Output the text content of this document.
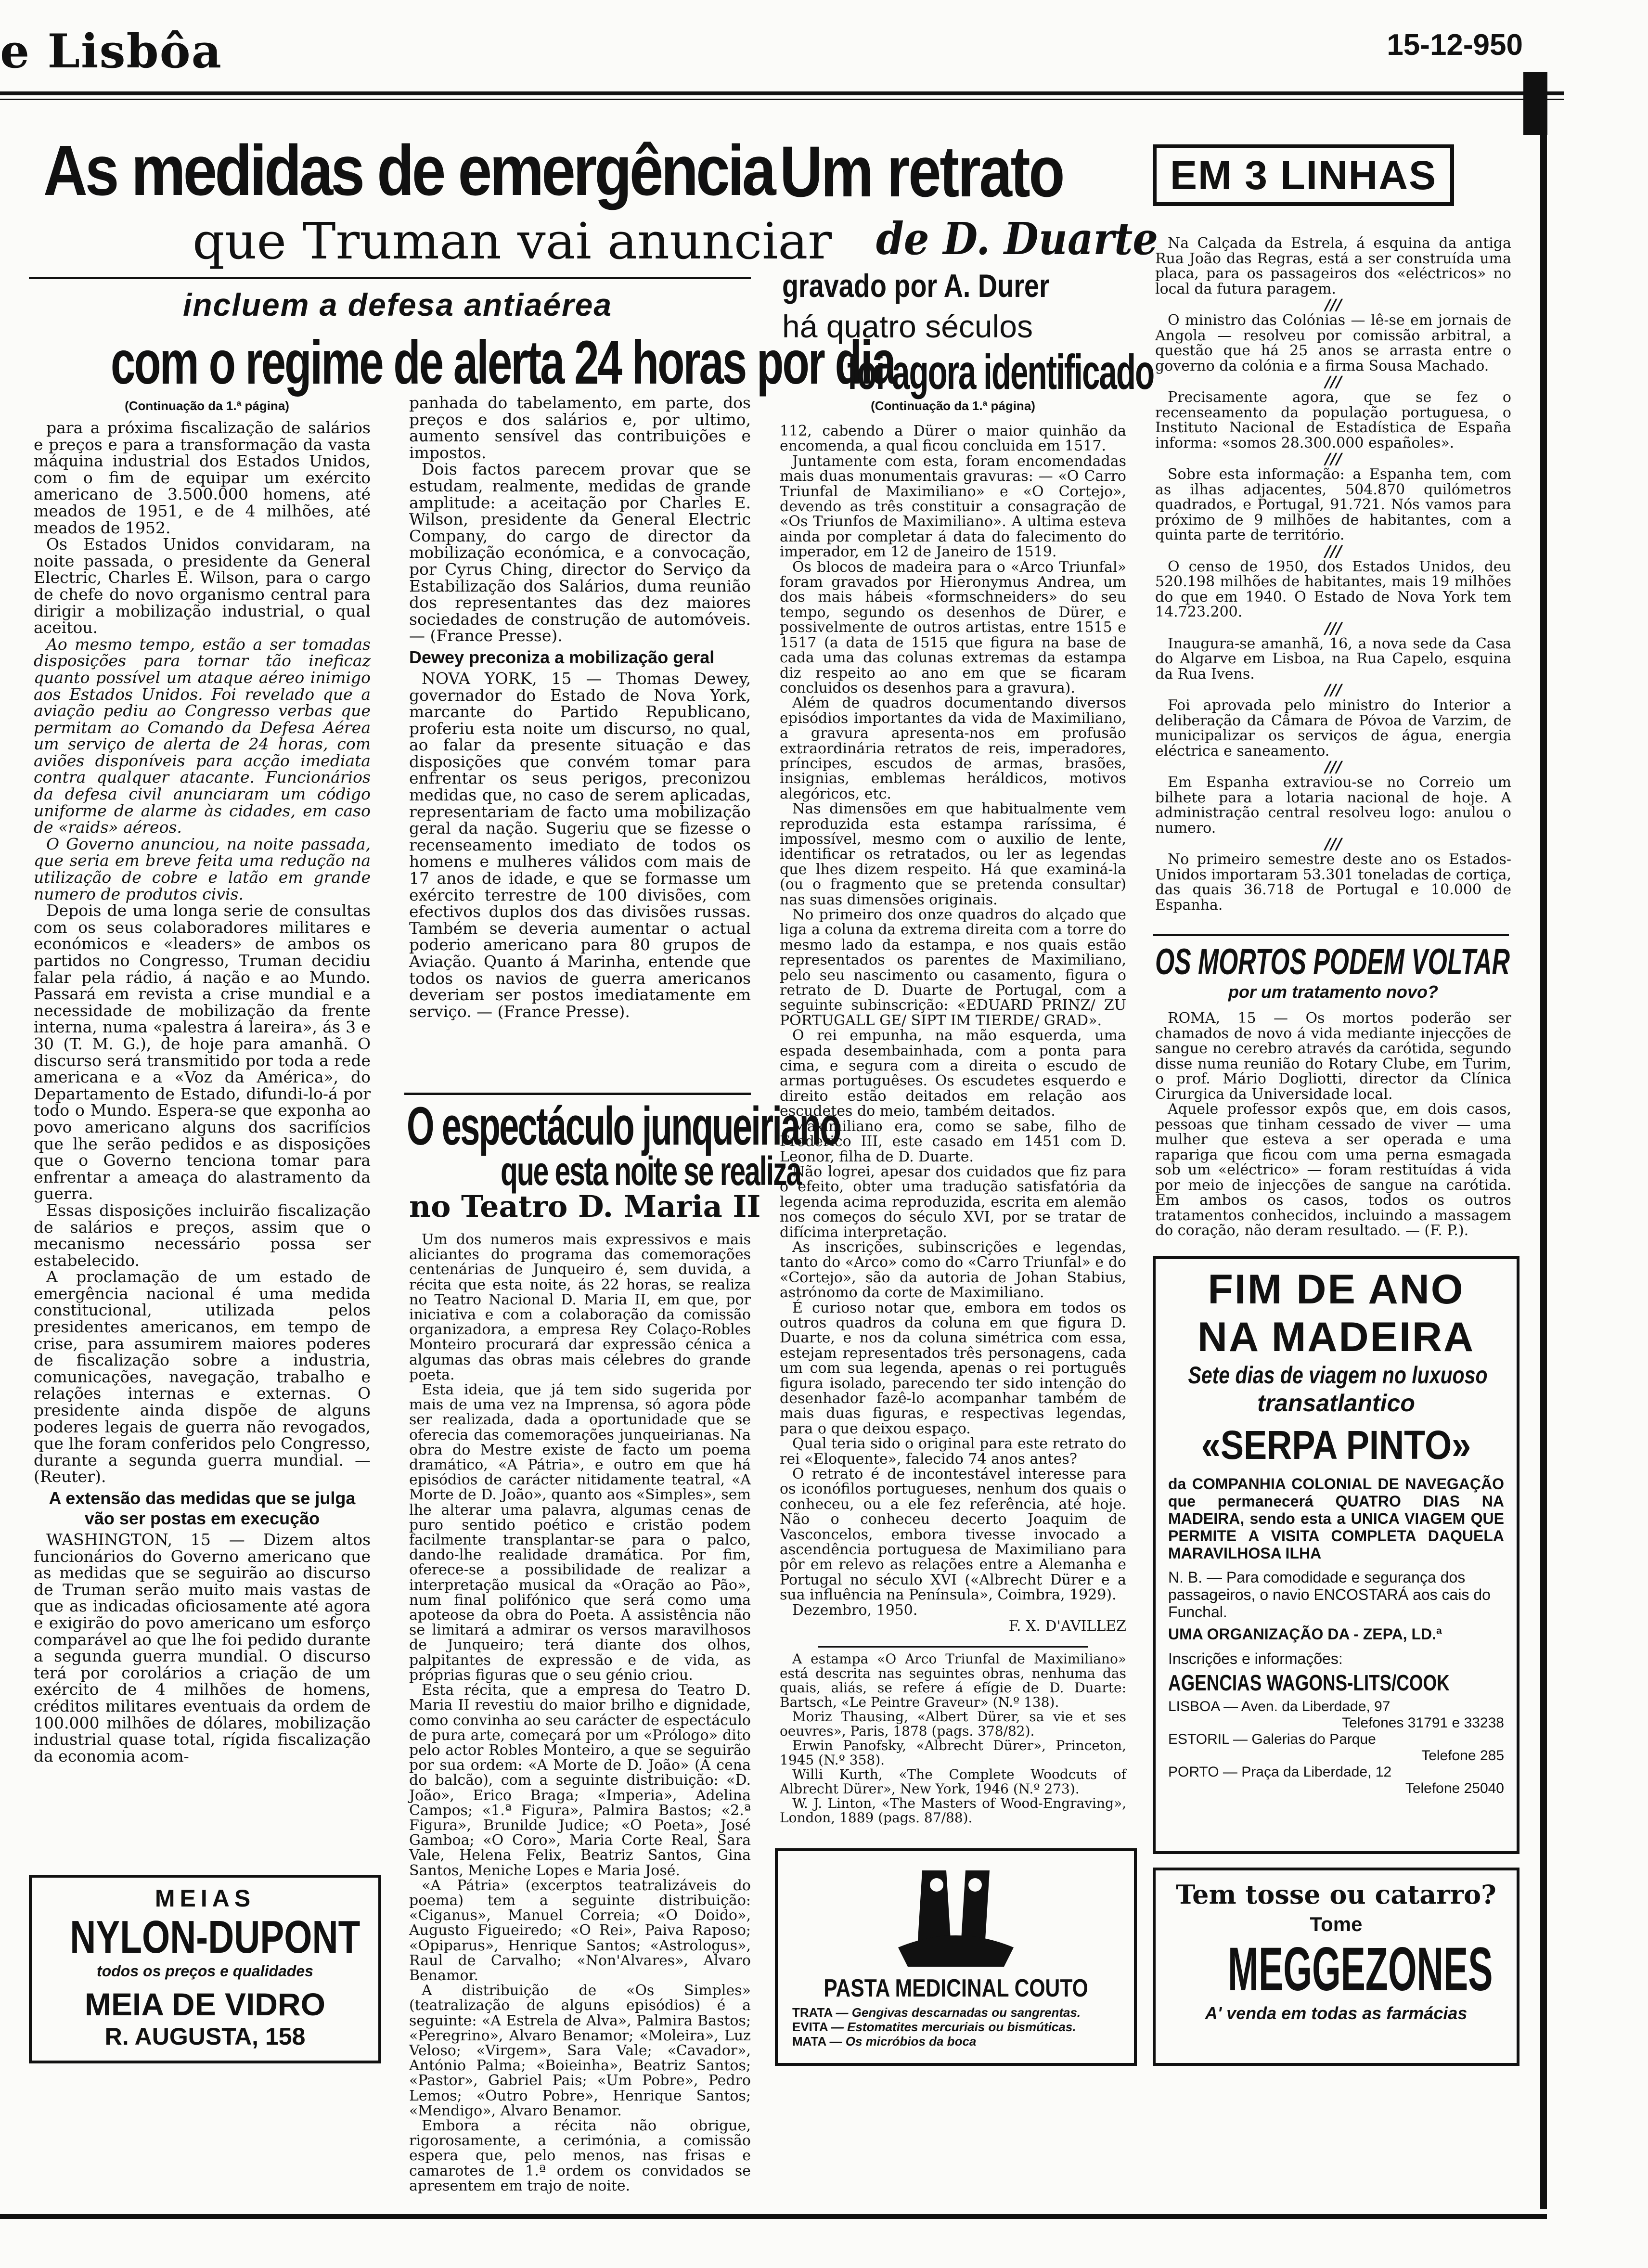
e Lisbôa	15-12-950
As medidas de emergência
que Truman vai anunciar
incluem a defesa antiaérea
com o regime de alerta 24 horas por dia
(Continuação da 1.ª página)

para a próxima fiscalização de salários e preços e para a transformação da vasta máquina industrial dos Estados Unidos, com o fim de equipar um exército americano de 3.500.000 homens, até meados de 1951, e de 4 milhões, até meados de 1952.

Os Estados Unidos convidaram, na noite passada, o presidente da General Electric, Charles E. Wilson, para o cargo de chefe do novo organismo central para dirigir a mobilização industrial, o qual aceitou.

Ao mesmo tempo, estão a ser tomadas disposições para tornar tão ineficaz quanto possível um ataque aéreo inimigo aos Estados Unidos. Foi revelado que a aviação pediu ao Congresso verbas que permitam ao Comando da Defesa Aérea um serviço de alerta de 24 horas, com aviões disponíveis para acção imediata contra qualquer atacante. Funcionários da defesa civil anunciaram um código uniforme de alarme às cidades, em caso de «raids» aéreos.

O Governo anunciou, na noite passada, que seria em breve feita uma redução na utilização de cobre e latão em grande numero de produtos civis.

Depois de uma longa serie de consultas com os seus colaboradores militares e económicos e «leaders» de ambos os partidos no Congresso, Truman decidiu falar pela rádio, á nação e ao Mundo. Passará em revista a crise mundial e a necessidade de mobilização da frente interna, numa «palestra á lareira», ás 3 e 30 (T. M. G.), de hoje para amanhã. O discurso será transmitido por toda a rede americana e a «Voz da América», do Departamento de Estado, difundi-lo-á por todo o Mundo. Espera-se que exponha ao povo americano alguns dos sacrifícios que lhe serão pedidos e as disposições que o Governo tenciona tomar para enfrentar a ameaça do alastramento da guerra.

Essas disposições incluirão fiscalização de salários e preços, assim que o mecanismo necessário possa ser estabelecido.

A proclamação de um estado de emergência nacional é uma medida constitucional, utilizada pelos presidentes americanos, em tempo de crise, para assumirem maiores poderes de fiscalização sobre a industria, comunicações, navegação, trabalho e relações internas e externas. O presidente ainda dispõe de alguns poderes legais de guerra não revogados, que lhe foram conferidos pelo Congresso, durante a segunda guerra mundial. — (Reuter).

A extensão das medidas que se julga vão ser postas em execução

WASHINGTON, 15 — Dizem altos funcionários do Governo americano que as medidas que se seguirão ao discurso de Truman serão muito mais vastas de que as indicadas oficiosamente até agora e exigirão do povo americano um esforço comparável ao que lhe foi pedido durante a segunda guerra mundial. O discurso terá por corolários a criação de um exército de 4 milhões de homens, créditos militares eventuais da ordem de 100.000 milhões de dólares, mobilização industrial quase total, rígida fiscalização da economia acom-

panhada do tabelamento, em parte, dos preços e dos salários e, por ultimo, aumento sensível das contribuições e impostos.

Dois factos parecem provar que se estudam, realmente, medidas de grande amplitude: a aceitação por Charles E. Wilson, presidente da General Electric Company, do cargo de director da mobilização económica, e a convocação, por Cyrus Ching, director do Serviço da Estabilização dos Salários, duma reunião dos representantes das dez maiores sociedades de construção de automóveis. — (France Presse).

Dewey preconiza a mobilização geral

NOVA YORK, 15 — Thomas Dewey, governador do Estado de Nova York, marcante do Partido Republicano, proferiu esta noite um discurso, no qual, ao falar da presente situação e das disposições que convém tomar para enfrentar os seus perigos, preconizou medidas que, no caso de serem aplicadas, representariam de facto uma mobilização geral da nação. Sugeriu que se fizesse o recenseamento imediato de todos os homens e mulheres válidos com mais de 17 anos de idade, e que se formasse um exército terrestre de 100 divisões, com efectivos duplos dos das divisões russas. Também se deveria aumentar o actual poderio americano para 80 grupos de Aviação. Quanto á Marinha, entende que todos os navios de guerra americanos deveriam ser postos imediatamente em serviço. — (France Presse).

MEIAS
NYLON-DUPONT
todos os preços e qualidades
MEIA DE VIDRO
R. AUGUSTA, 158
O espectáculo junqueiriano
que esta noite se realiza
no Teatro D. Maria II

Um dos numeros mais expressivos e mais aliciantes do programa das comemorações centenárias de Junqueiro é, sem duvida, a récita que esta noite, ás 22 horas, se realiza no Teatro Nacional D. Maria II, em que, por iniciativa e com a colaboração da comissão organizadora, a empresa Rey Colaço-Robles Monteiro procurará dar expressão cénica a algumas das obras mais célebres do grande poeta.

Esta ideia, que já tem sido sugerida por mais de uma vez na Imprensa, só agora pôde ser realizada, dada a oportunidade que se oferecia das comemorações junqueirianas. Na obra do Mestre existe de facto um poema dramático, «A Pátria», e outro em que há episódios de carácter nitidamente teatral, «A Morte de D. João», quanto aos «Simples», sem lhe alterar uma palavra, algumas cenas de puro sentido poético e cristão podem facilmente transplantar-se para o palco, dando-lhe realidade dramática. Por fim, oferece-se a possibilidade de realizar a interpretação musical da «Oração ao Pão», num final polifónico que será como uma apoteose da obra do Poeta. A assistência não se limitará a admirar os versos maravilhosos de Junqueiro; terá diante dos olhos, palpitantes de expressão e de vida, as próprias figuras que o seu génio criou.

Esta récita, que a empresa do Teatro D. Maria II revestiu do maior brilho e dignidade, como convinha ao seu carácter de espectáculo de pura arte, começará por um «Prólogo» dito pelo actor Robles Monteiro, a que se seguirão por sua ordem: «A Morte de D. João» (A cena do balcão), com a seguinte distribuição: «D. João», Erico Braga; «Imperia», Adelina Campos; «1.ª Figura», Palmira Bastos; «2.ª Figura», Brunilde Judice; «O Poeta», José Gamboa; «O Coro», Maria Corte Real, Sara Vale, Helena Felix, Beatriz Santos, Gina Santos, Meniche Lopes e Maria José.

«A Pátria» (excerptos teatralizáveis do poema) tem a seguinte distribuição: «Ciganus», Manuel Correia; «O Doido», Augusto Figueiredo; «O Rei», Paiva Raposo; «Opiparus», Henrique Santos; «Astrologus», Raul de Carvalho; «Non'Alvares», Alvaro Benamor.

A distribuição de «Os Simples» (teatralização de alguns episódios) é a seguinte: «A Estrela de Alva», Palmira Bastos; «Peregrino», Alvaro Benamor; «Moleira», Luz Veloso; «Virgem», Sara Vale; «Cavador», António Palma; «Boieinha», Beatriz Santos; «Pastor», Gabriel Pais; «Um Pobre», Pedro Lemos; «Outro Pobre», Henrique Santos; «Mendigo», Alvaro Benamor.

Embora a récita não obrigue, rigorosamente, a cerimónia, a comissão espera que, pelo menos, nas frisas e camarotes de 1.ª ordem os convidados se apresentem em trajo de noite.

Um retrato
de D. Duarte
gravado por A. Durer
há quatro séculos
foi agora identificado
(Continuação da 1.ª página)

112, cabendo a Dürer o maior quinhão da encomenda, a qual ficou concluida em 1517.

Juntamente com esta, foram encomendadas mais duas monumentais gravuras: — «O Carro Triunfal de Maximiliano» e «O Cortejo», devendo as três constituir a consagração de «Os Triunfos de Maximiliano». A ultima esteva ainda por completar á data do falecimento do imperador, em 12 de Janeiro de 1519.

Os blocos de madeira para o «Arco Triunfal» foram gravados por Hieronymus Andrea, um dos mais hábeis «formschneiders» do seu tempo, segundo os desenhos de Dürer, e possivelmente de outros artistas, entre 1515 e 1517 (a data de 1515 que figura na base de cada uma das colunas extremas da estampa diz respeito ao ano em que se ficaram concluidos os desenhos para a gravura).

Além de quadros documentando diversos episódios importantes da vida de Maximiliano, a gravura apresenta-nos em profusão extraordinária retratos de reis, imperadores, príncipes, escudos de armas, brasões, insignias, emblemas heráldicos, motivos alegóricos, etc.

Nas dimensões em que habitualmente vem reproduzida esta estampa raríssima, é impossível, mesmo com o auxilio de lente, identificar os retratados, ou ler as legendas que lhes dizem respeito. Há que examiná-la (ou o fragmento que se pretenda consultar) nas suas dimensões originais.

No primeiro dos onze quadros do alçado que liga a coluna da extrema direita com a torre do mesmo lado da estampa, e nos quais estão representados os parentes de Maximiliano, pelo seu nascimento ou casamento, figura o retrato de D. Duarte de Portugal, com a seguinte subinscrição: «EDUARD PRINZ/ ZU PORTUGALL GE/ SIPT IM TIERDE/ GRAD».

O rei empunha, na mão esquerda, uma espada desembainhada, com a ponta para cima, e segura com a direita o escudo de armas portuguêses. Os escudetes esquerdo e direito estão deitados em relação aos escudetes do meio, também deitados.

Maximiliano era, como se sabe, filho de Frederico III, este casado em 1451 com D. Leonor, filha de D. Duarte.

Não logrei, apesar dos cuidados que fiz para o efeito, obter uma tradução satisfatória da legenda acima reproduzida, escrita em alemão nos começos do século XVI, por se tratar de difícima interpretação.

As inscrições, subinscrições e legendas, tanto do «Arco» como do «Carro Triunfal» e do «Cortejo», são da autoria de Johan Stabius, astrónomo da corte de Maximiliano.

É curioso notar que, embora em todos os outros quadros da coluna em que figura D. Duarte, e nos da coluna simétrica com essa, estejam representados três personagens, cada um com sua legenda, apenas o rei português figura isolado, parecendo ter sido intenção do desenhador fazê-lo acompanhar também de mais duas figuras, e respectivas legendas, para o que deixou espaço.

Qual teria sido o original para este retrato do rei «Eloquente», falecido 74 anos antes?

O retrato é de incontestável interesse para os iconófilos portugueses, nenhum dos quais o conheceu, ou a ele fez referência, até hoje. Não o conheceu decerto Joaquim de Vasconcelos, embora tivesse invocado a ascendência portuguesa de Maximiliano para pôr em relevo as relações entre a Alemanha e Portugal no século XVI («Albrecht Dürer e a sua influência na Península», Coimbra, 1929).

Dezembro, 1950.

F. X. D'AVILLEZ

A estampa «O Arco Triunfal de Maximiliano» está descrita nas seguintes obras, nenhuma das quais, aliás, se refere á efígie de D. Duarte: Bartsch, «Le Peintre Graveur» (N.º 138).

Moriz Thausing, «Albert Dürer, sa vie et ses oeuvres», Paris, 1878 (pags. 378/82).

Erwin Panofsky, «Albrecht Dürer», Princeton, 1945 (N.º 358).

Willi Kurth, «The Complete Woodcuts of Albrecht Dürer», New York, 1946 (N.º 273).

W. J. Linton, «The Masters of Wood-Engraving», London, 1889 (pags. 87/88).

PASTA MEDICINAL COUTO
TRATA — Gengivas descarnadas ou sangrentas.
EVITA — Estomatites mercuriais ou bismúticas.
MATA — Os micróbios da boca
EM 3 LINHAS

Na Calçada da Estrela, á esquina da antiga Rua João das Regras, está a ser construída uma placa, para os passageiros dos «eléctricos» no local da futura paragem.

///

O ministro das Colónias — lê-se em jornais de Angola — resolveu por comissão arbitral, a questão que há 25 anos se arrasta entre o governo da colónia e a firma Sousa Machado.

///

Precisamente agora, que se fez o recenseamento da população portuguesa, o Instituto Nacional de Estadística de España informa: «somos 28.300.000 españoles».

///

Sobre esta informação: a Espanha tem, com as ilhas adjacentes, 504.870 quilómetros quadrados, e Portugal, 91.721. Nós vamos para próximo de 9 milhões de habitantes, com a quinta parte de território.

///

O censo de 1950, dos Estados Unidos, deu 520.198 milhões de habitantes, mais 19 milhões do que em 1940. O Estado de Nova York tem 14.723.200.

///

Inaugura-se amanhã, 16, a nova sede da Casa do Algarve em Lisboa, na Rua Capelo, esquina da Rua Ivens.

///

Foi aprovada pelo ministro do Interior a deliberação da Câmara de Póvoa de Varzim, de municipalizar os serviços de água, energia eléctrica e saneamento.

///

Em Espanha extraviou-se no Correio um bilhete para a lotaria nacional de hoje. A administração central resolveu logo: anulou o numero.

///

No primeiro semestre deste ano os Estados-Unidos importaram 53.301 toneladas de cortiça, das quais 36.718 de Portugal e 10.000 de Espanha.

OS MORTOS PODEM VOLTAR
por um tratamento novo?

ROMA, 15 — Os mortos poderão ser chamados de novo á vida mediante injecções de sangue no cerebro através da carótida, segundo disse numa reunião do Rotary Clube, em Turim, o prof. Mário Dogliotti, director da Clínica Cirurgica da Universidade local.

Aquele professor expôs que, em dois casos, pessoas que tinham cessado de viver — uma mulher que esteva a ser operada e uma rapariga que ficou com uma perna esmagada sob um «eléctrico» — foram restituídas á vida por meio de injecções de sangue na carótida. Em ambos os casos, todos os outros tratamentos conhecidos, incluindo a massagem do coração, não deram resultado. — (F. P.).

FIM DE ANO
NA MADEIRA
Sete dias de viagem no luxuoso
transatlantico
«SERPA PINTO»
da COMPANHIA COLONIAL DE NAVEGAÇÃO que permanecerá QUATRO DIAS NA MADEIRA, sendo esta a UNICA VIAGEM QUE PERMITE A VISITA COMPLETA DAQUELA MARAVILHOSA ILHA
N. B. — Para comodidade e segurança dos passageiros, o navio ENCOSTARÁ aos cais do Funchal.
UMA ORGANIZAÇÃO DA - ZEPA, LD.ª
Inscrições e informações:
AGENCIAS WAGONS-LITS/COOK
LISBOA — Aven. da Liberdade, 97
Telefones 31791 e 33238
ESTORIL — Galerias do Parque
Telefone 285
PORTO — Praça da Liberdade, 12
Telefone 25040
Tem tosse ou catarro?
Tome
MEGGEZONES
A' venda em todas as farmácias
